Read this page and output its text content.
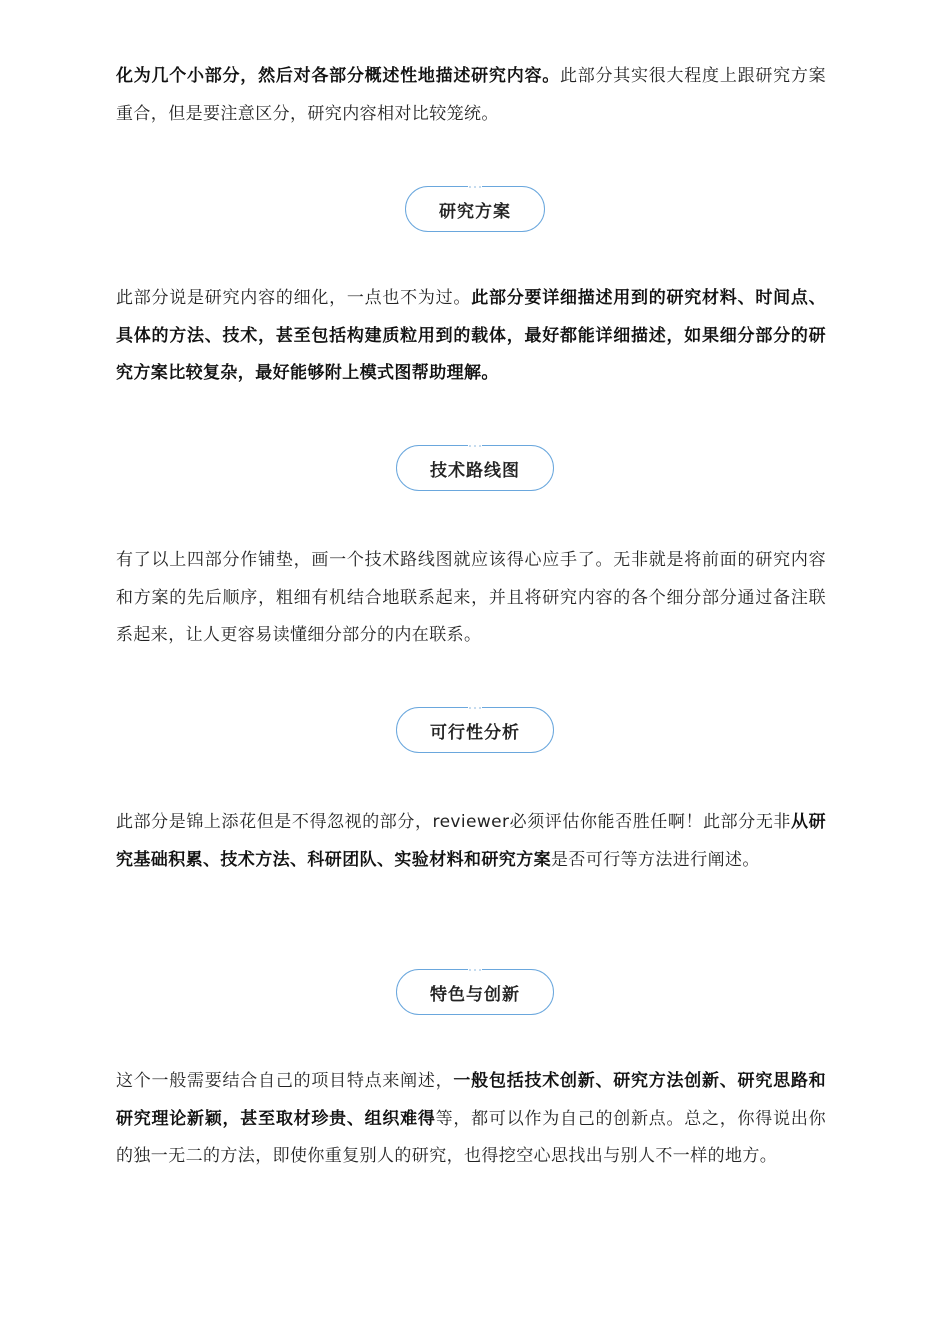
化为几个小部分，然后对各部分概述性地描述研究内容。此部分其实很大程度上跟研究方案重合，但是要注意区分，研究内容相对比较笼统。

研究方案

此部分说是研究内容的细化，一点也不为过。此部分要详细描述用到的研究材料、时间点、具体的方法、技术，甚至包括构建质粒用到的载体，最好都能详细描述，如果细分部分的研究方案比较复杂，最好能够附上模式图帮助理解。

技术路线图

有了以上四部分作铺垫，画一个技术路线图就应该得心应手了。无非就是将前面的研究内容和方案的先后顺序，粗细有机结合地联系起来，并且将研究内容的各个细分部分通过备注联系起来，让人更容易读懂细分部分的内在联系。

可行性分析

此部分是锦上添花但是不得忽视的部分，reviewer必须评估你能否胜任啊！此部分无非从研究基础积累、技术方法、科研团队、实验材料和研究方案是否可行等方法进行阐述。

特色与创新

这个一般需要结合自己的项目特点来阐述，一般包括技术创新、研究方法创新、研究思路和研究理论新颖，甚至取材珍贵、组织难得等，都可以作为自己的创新点。总之，你得说出你的独一无二的方法，即使你重复别人的研究，也得挖空心思找出与别人不一样的地方。
